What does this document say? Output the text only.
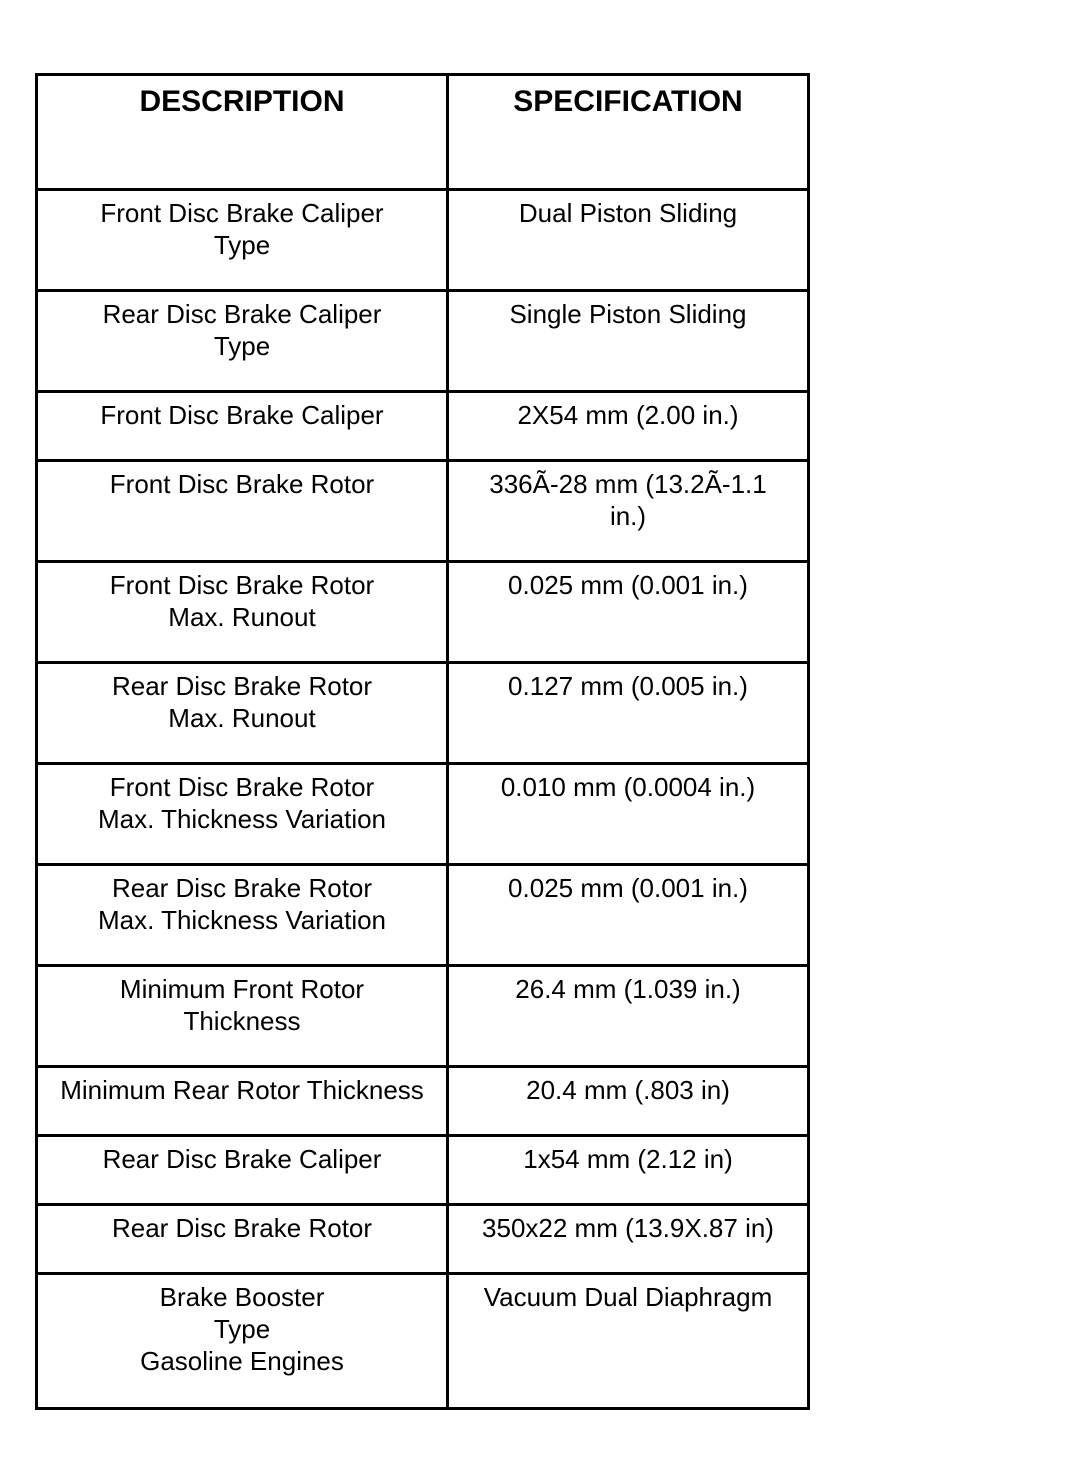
DESCRIPTION	SPECIFICATION
Front Disc Brake Caliper
Type	Dual Piston Sliding
Rear Disc Brake Caliper
Type	Single Piston Sliding
Front Disc Brake Caliper	2X54 mm (2.00 in.)
Front Disc Brake Rotor	336Ã-28 mm (13.2Ã-1.1
in.)
Front Disc Brake Rotor
Max. Runout	0.025 mm (0.001 in.)
Rear Disc Brake Rotor
Max. Runout	0.127 mm (0.005 in.)
Front Disc Brake Rotor
Max. Thickness Variation	0.010 mm (0.0004 in.)
Rear Disc Brake Rotor
Max. Thickness Variation	0.025 mm (0.001 in.)
Minimum Front Rotor
Thickness	26.4 mm (1.039 in.)
Minimum Rear Rotor Thickness	20.4 mm (.803 in)
Rear Disc Brake Caliper	1x54 mm (2.12 in)
Rear Disc Brake Rotor	350x22 mm (13.9X.87 in)
Brake Booster
Type
Gasoline Engines	Vacuum Dual Diaphragm
